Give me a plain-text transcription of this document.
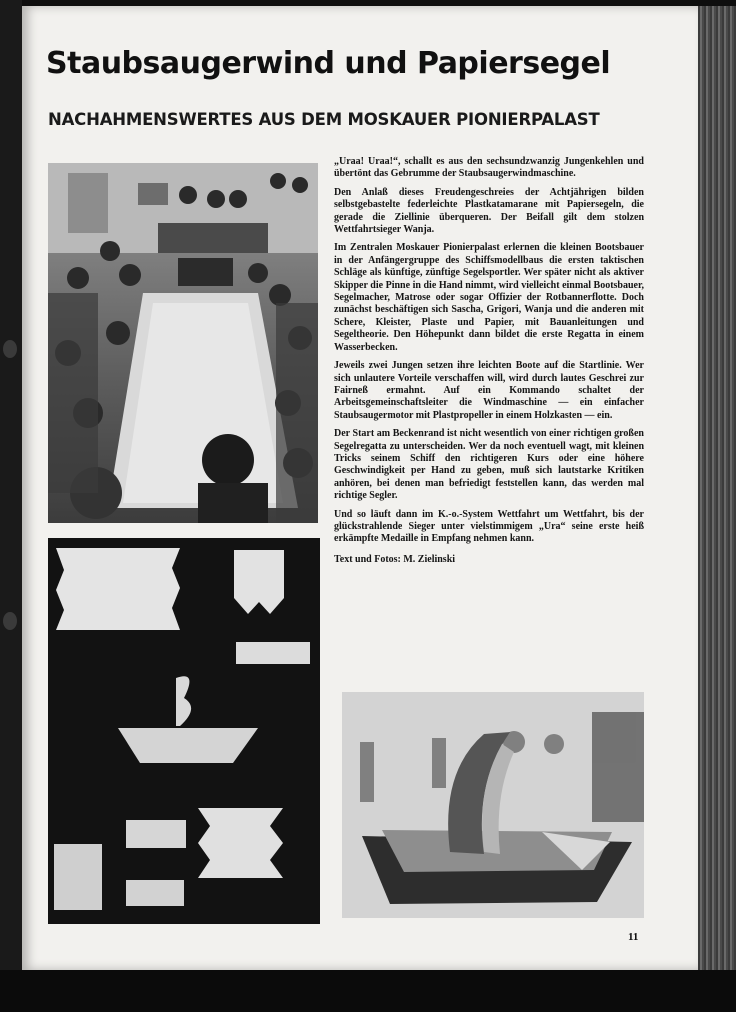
Staubsaugerwind und Papiersegel
NACHAHMENSWERTES AUS DEM MOSKAUER PIONIERPALAST

„Uraa! Uraa!“, schallt es aus den sechsundzwanzig Jungenkehlen und übertönt das Gebrumme der Staubsaugerwindmaschine.

Den Anlaß dieses Freudengeschreies der Achtjährigen bilden selbstgebastelte federleichte Plastkatamarane mit Papiersegeln, die gerade die Ziellinie überqueren. Der Beifall gilt dem stolzen Wettfahrtsieger Wanja.

Im Zentralen Moskauer Pionierpalast erlernen die kleinen Bootsbauer in der Anfängergruppe des Schiffsmodellbaus die ersten taktischen Schläge als künftige, zünftige Segelsportler. Wer später nicht als aktiver Skipper die Pinne in die Hand nimmt, wird vielleicht einmal Bootsbauer, Segelmacher, Matrose oder sogar Offizier der Rotbannerflotte. Doch zunächst beschäftigen sich Sascha, Grigori, Wanja und die anderen mit Schere, Kleister, Plaste und Papier, mit Bauanleitungen und Segeltheorie. Den Höhepunkt dann bildet die erste Regatta in einem Wasserbecken.

Jeweils zwei Jungen setzen ihre leichten Boote auf die Startlinie. Wer sich unlautere Vorteile verschaffen will, wird durch lautes Geschrei zur Fairneß ermahnt. Auf ein Kommando schaltet der Arbeitsgemeinschaftsleiter die Windmaschine — ein einfacher Staubsaugermotor mit Plastpropeller in einem Holzkasten — ein.

Der Start am Beckenrand ist nicht wesentlich von einer richtigen großen Segelregatta zu unterscheiden. Wer da noch eventuell wagt, mit kleinen Tricks seinem Schiff den richtigeren Kurs oder eine höhere Geschwindigkeit per Hand zu geben, muß sich lautstarke Kritiken anhören, bei denen man befriedigt feststellen kann, das werden mal richtige Segler.

Und so läuft dann im K.-o.-System Wettfahrt um Wettfahrt, bis der glückstrahlende Sieger unter vielstimmigem „Ura“ seine erste heiß erkämpfte Medaille in Empfang nehmen kann.

Text und Fotos: M. Zielinski

11
